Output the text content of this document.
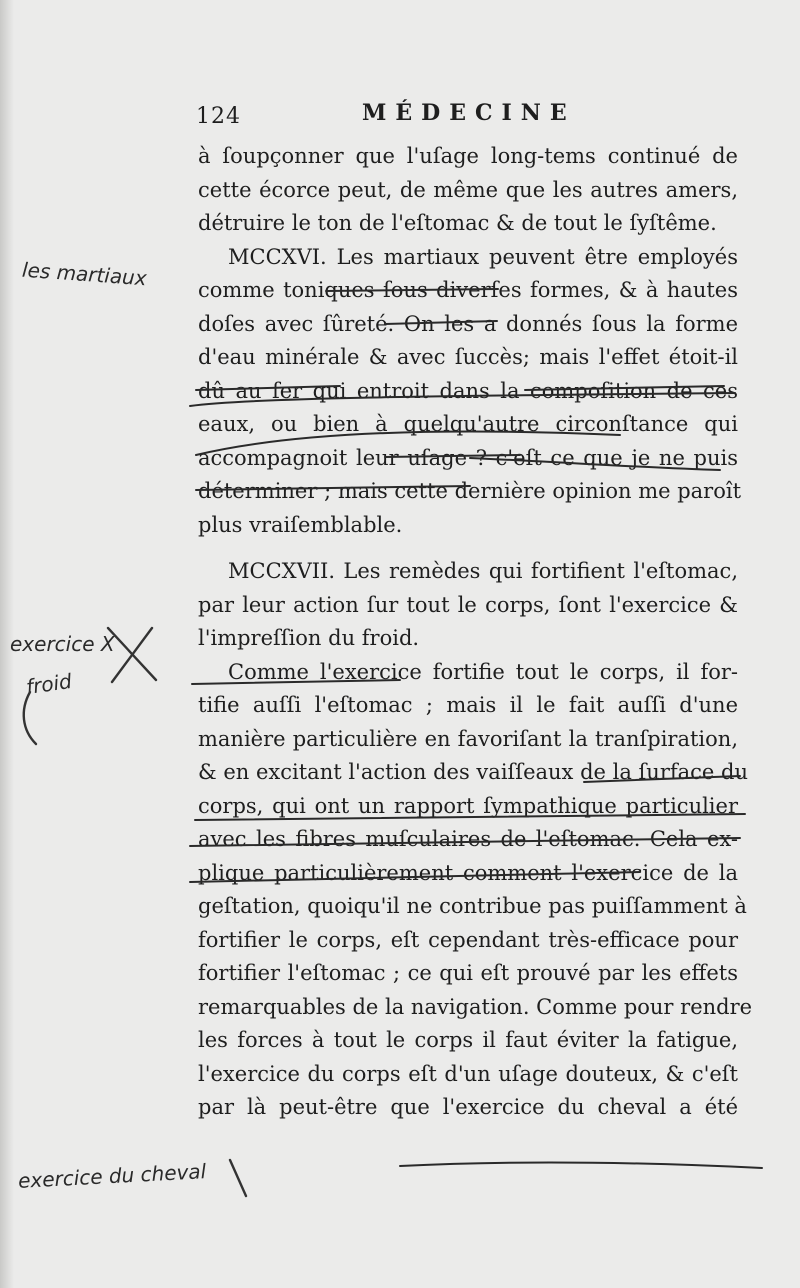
124	MÉDECINE
à ſoupçonner que l'uſage long-tems continué de
cette écorce peut, de même que les autres amers,
détruire le ton de l'eſtomac & de tout le ſyſtême.
MCCXVI. Les martiaux peuvent être employés
comme toniques ſous diverſes formes, & à hautes
doſes avec ſûreté. On les a donnés ſous la forme
d'eau minérale & avec ſuccès; mais l'effet étoit-il
dû au fer qui entroit dans la compoſition de ces
eaux, ou bien à quelqu'autre circonſtance qui
accompagnoit leur uſage ? c'eſt ce que je ne puis
déterminer ; mais cette dernière opinion me paroît
plus vraiſemblable.
MCCXVII. Les remèdes qui fortifient l'eſtomac,
par leur action ſur tout le corps, ſont l'exercice &
l'impreſſion du froid.
Comme l'exercice fortifie tout le corps, il for-
tifie auſſi l'eſtomac ; mais il le fait auſſi d'une
manière particulière en favoriſant la tranſpiration,
& en excitant l'action des vaiſſeaux de la ſurface du
corps, qui ont un rapport ſympathique particulier
avec les fibres muſculaires de l'eſtomac. Cela ex-
plique particulièrement comment l'exercice de la
geſtation, quoiqu'il ne contribue pas puiſſamment à
fortifier le corps, eſt cependant très-efficace pour
fortifier l'eſtomac ; ce qui eſt prouvé par les effets
remarquables de la navigation. Comme pour rendre
les forces à tout le corps il faut éviter la fatigue,
l'exercice du corps eſt d'un uſage douteux, & c'eſt
par là peut-être que l'exercice du cheval a été
les martiaux
exercice X
froid
exercice du cheval
